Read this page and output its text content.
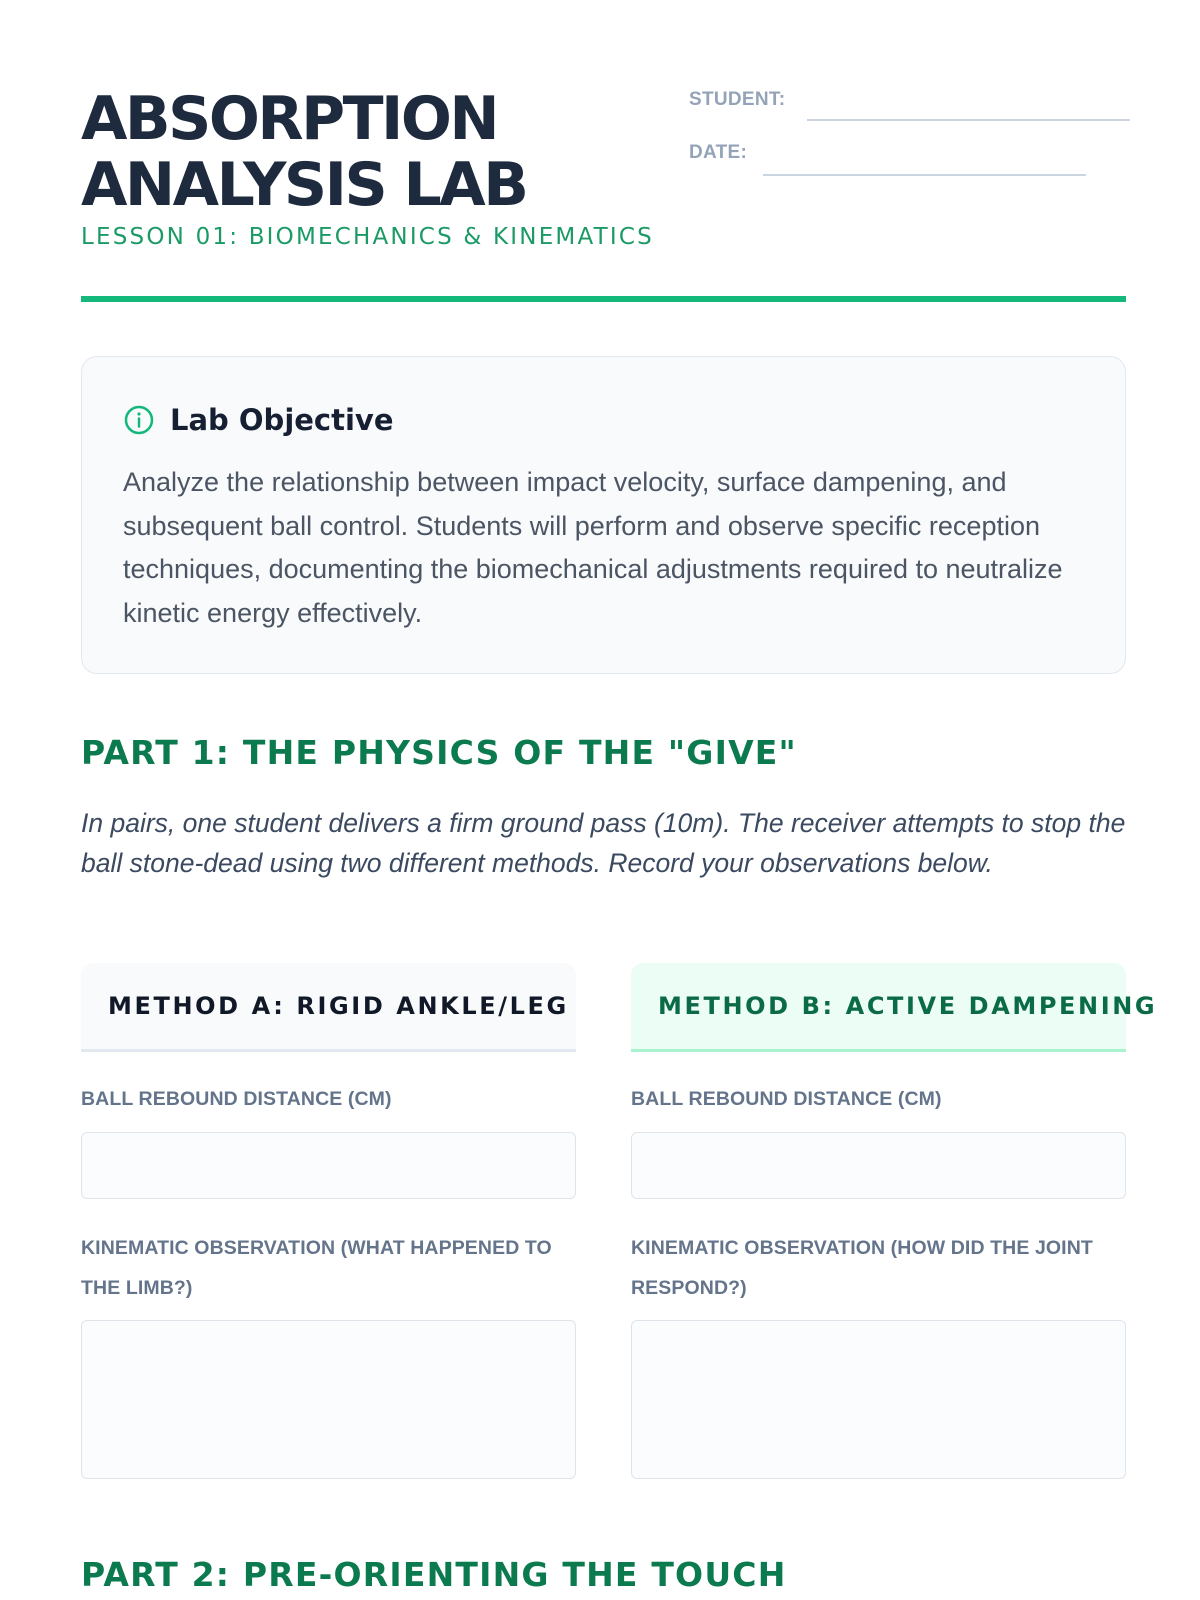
ABSORPTION
ANALYSIS LAB
LESSON 01: BIOMECHANICS & KINEMATICS
STUDENT:
DATE:
Lab Objective

Analyze the relationship between impact velocity, surface dampening, and subsequent ball control. Students will perform and observe specific reception techniques, documenting the biomechanical adjustments required to neutralize kinetic energy effectively.

PART 1: THE PHYSICS OF THE "GIVE"

In pairs, one student delivers a firm ground pass (10m). The receiver attempts to stop the ball stone-dead using two different methods. Record your observations below.

METHOD A: RIGID ANKLE/LEG
BALL REBOUND DISTANCE (CM)
KINEMATIC OBSERVATION (WHAT HAPPENED TO THE LIMB?)
METHOD B: ACTIVE DAMPENING
BALL REBOUND DISTANCE (CM)
KINEMATIC OBSERVATION (HOW DID THE JOINT RESPOND?)
PART 2: PRE-ORIENTING THE TOUCH
